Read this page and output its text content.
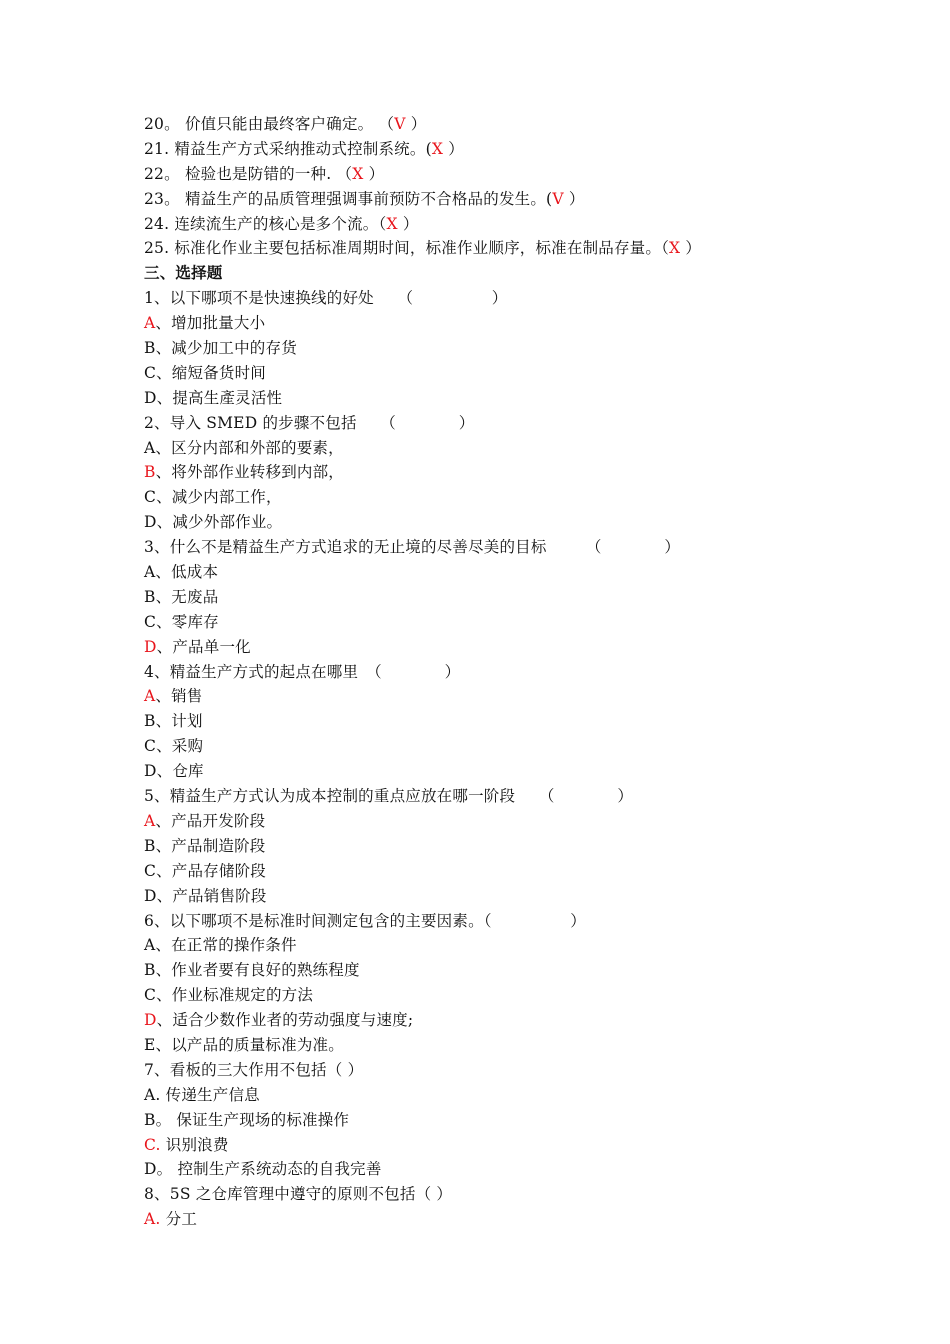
20。 价值只能由最终客户确定。 （V ）
21. 精益生产方式采纳推动式控制系统。(X ）
22。 检验也是防错的一种. （X ）
23。 精益生产的品质管理强调事前预防不合格品的发生。(V ）
24. 连续流生产的核心是多个流。（X ）
25. 标准化作业主要包括标准周期时间，标准作业顺序，标准在制品存量。（X ）
三、选择题
1、以下哪项不是快速换线的好处　　（　　　　　）
A、增加批量大小
B、减少加工中的存货
C、缩短备货时间
D、提高生產灵活性
2、导入 SMED 的步骤不包括　　（　　　　）
A、区分内部和外部的要素，
B、将外部作业转移到内部，
C、减少内部工作，
D、减少外部作业。
3、什么不是精益生产方式追求的无止境的尽善尽美的目标　　　（　　　　）
A、低成本
B、无废品
C、零库存
D、产品单一化
4、精益生产方式的起点在哪里　（　　　　）
A、销售
B、计划
C、采购
D、仓库
5、精益生产方式认为成本控制的重点应放在哪一阶段　　（　　　　）
A、产品开发阶段
B、产品制造阶段
C、产品存储阶段
D、产品销售阶段
6、以下哪项不是标准时间测定包含的主要因素。（　　　　　）
A、在正常的操作条件
B、作业者要有良好的熟练程度
C、作业标准规定的方法
D、适合少数作业者的劳动强度与速度;
E、以产品的质量标准为准。
7、看板的三大作用不包括（ ）
A. 传递生产信息
B。 保证生产现场的标准操作
C. 识别浪费
D。 控制生产系统动态的自我完善
8、5S 之仓库管理中遵守的原则不包括（ ）
A. 分工
